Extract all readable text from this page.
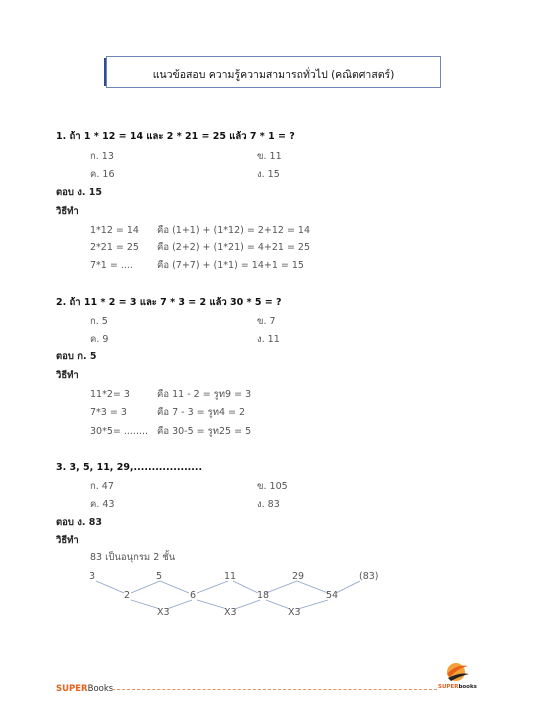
แนวข้อสอบ ความรู้ความสามารถทั่วไป (คณิตศาสตร์)
1. ถ้า 1 * 12 = 14 และ 2 * 21 = 25 แล้ว 7 * 1 = ?
ก. 13	ข. 11
ค. 16	ง. 15
ตอบ ง. 15
วิธีทำ
1*12 = 14 คือ (1+1) + (1*12) = 2+12 = 14
2*21 = 25 คือ (2+2) + (1*21) = 4+21 = 25
7*1 = ....	คือ (7+7) + (1*1) = 14+1 = 15
2. ถ้า 11 * 2 = 3 และ 7 * 3 = 2 แล้ว 30 * 5 = ?
ก. 5	ข. 7
ค. 9	ง. 11
ตอบ ก. 5
วิธีทำ
11*2= 3	คือ 11 - 2 = รูท9 = 3
7*3 = 3	คือ 7 - 3 = รูท4 = 2
30*5= ........ คือ 30-5 = รูท25 = 5
3. 3, 5, 11, 29,...................
ก. 47	ข. 105
ค. 43	ง. 83
ตอบ ง. 83
วิธีทำ
83 เป็นอนุกรม 2 ชั้น
3	5	11	29	(83)
2	6	18	54
X3	X3	X3
SUPERBooks	SUPERbooks
